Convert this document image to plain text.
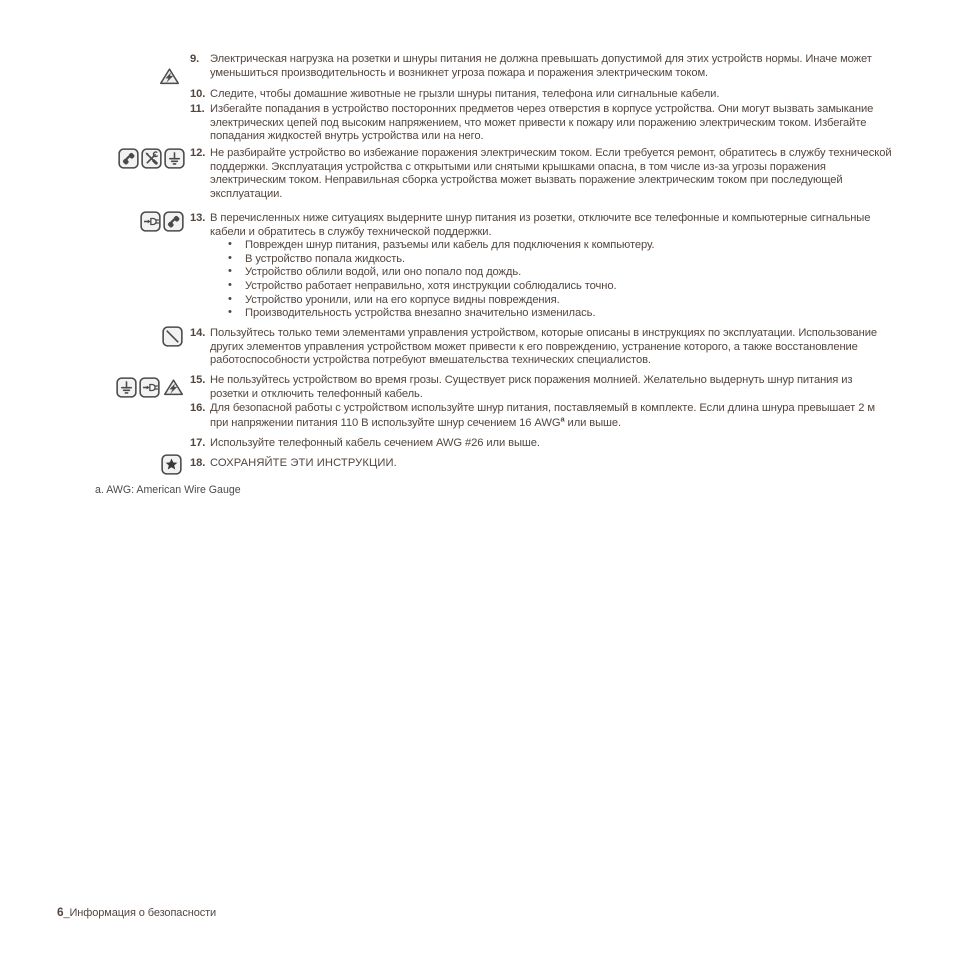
9. Электрическая нагрузка на розетки и шнуры питания не должна превышать допустимой для этих устройств нормы. Иначе может уменьшиться производительность и возникнет угроза пожара и поражения электрическим током.
10. Следите, чтобы домашние животные не грызли шнуры питания, телефона или сигнальные кабели.
11. Избегайте попадания в устройство посторонних предметов через отверстия в корпусе устройства. Они могут вызвать замыкание электрических цепей под высоким напряжением, что может привести к пожару или поражению электрическим током. Избегайте попадания жидкостей внутрь устройства или на него.
12. Не разбирайте устройство во избежание поражения электрическим током. Если требуется ремонт, обратитесь в службу технической поддержки. Эксплуатация устройства с открытыми или снятыми крышками опасна, в том числе из-за угрозы поражения электрическим током. Неправильная сборка устройства может вызвать поражение электрическим током при последующей эксплуатации.
13. В перечисленных ниже ситуациях выдерните шнур питания из розетки, отключите все телефонные и компьютерные сигнальные кабели и обратитесь в службу технической поддержки.
• Поврежден шнур питания, разъемы или кабель для подключения к компьютеру.
• В устройство попала жидкость.
• Устройство облили водой, или оно попало под дождь.
• Устройство работает неправильно, хотя инструкции соблюдались точно.
• Устройство уронили, или на его корпусе видны повреждения.
• Производительность устройства внезапно значительно изменилась.
14. Пользуйтесь только теми элементами управления устройством, которые описаны в инструкциях по эксплуатации. Использование других элементов управления устройством может привести к его повреждению, устранение которого, а также восстановление работоспособности устройства потребуют вмешательства технических специалистов.
15. Не пользуйтесь устройством во время грозы. Существует риск поражения молнией. Желательно выдернуть шнур питания из розетки и отключить телефонный кабель.
16. Для безопасной работы с устройством используйте шнур питания, поставляемый в комплекте. Если длина шнура превышает 2 м при напряжении питания 110 В используйте шнур сечением 16 AWG$^a$ или выше.
17. Используйте телефонный кабель сечением AWG #26 или выше.
18. СОХРАНЯЙТЕ ЭТИ ИНСТРУКЦИИ.
a. AWG: American Wire Gauge
6_Информация о безопасности
